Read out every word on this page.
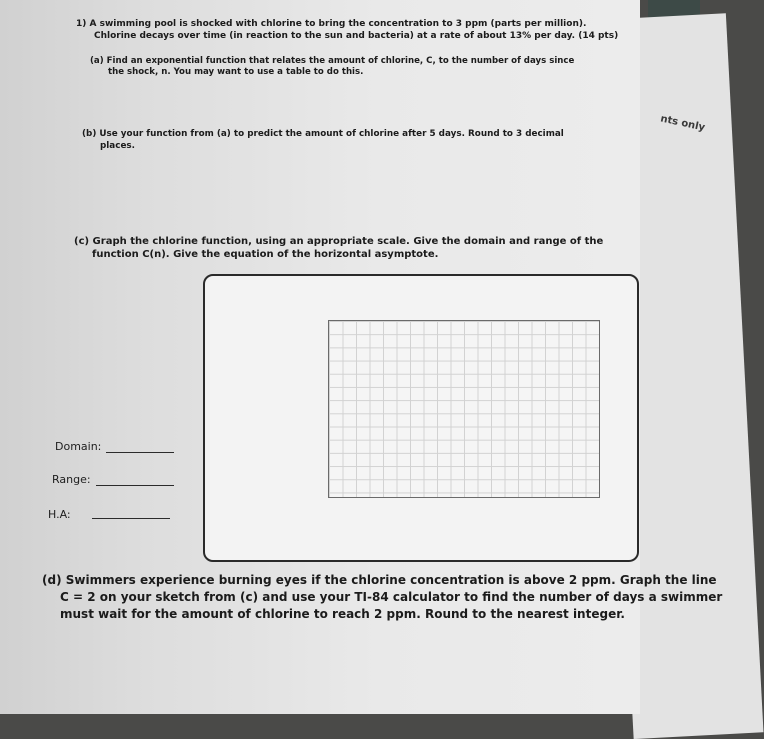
nts only
1) A swimming pool is shocked with chlorine to bring the concentration to 3 ppm (parts per million).
Chlorine decays over time (in reaction to the sun and bacteria) at a rate of about 13% per day. (14 pts)
(a) Find an exponential function that relates the amount of chlorine, C, to the number of days since
the shock, n. You may want to use a table to do this.
(b) Use your function from (a) to predict the amount of chlorine after 5 days. Round to 3 decimal
places.
(c) Graph the chlorine function, using an appropriate scale. Give the domain and range of the
function C(n). Give the equation of the horizontal asymptote.
Domain:
Range:
H.A:
(d) Swimmers experience burning eyes if the chlorine concentration is above 2 ppm. Graph the line
C = 2 on your sketch from (c) and use your TI-84 calculator to find the number of days a swimmer
must wait for the amount of chlorine to reach 2 ppm. Round to the nearest integer.
